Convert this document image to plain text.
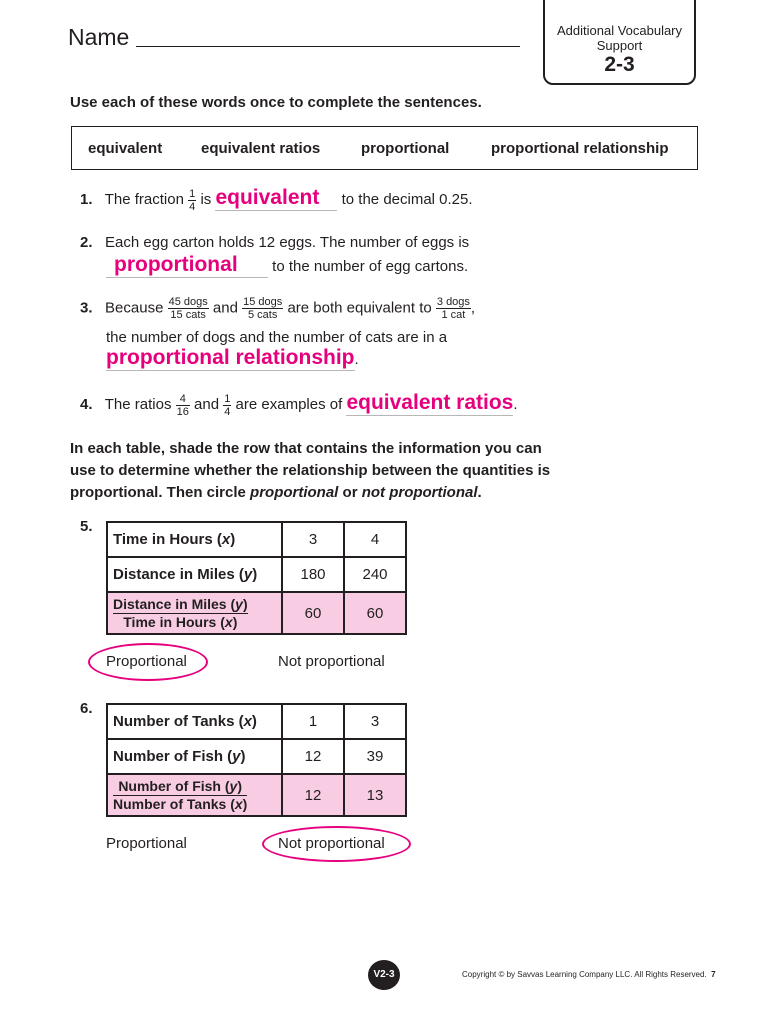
Name	Additional Vocabulary
Support
2-3
Use each of these words once to complete the sentences.
equivalent	equivalent ratios	proportional	proportional relationship
1. The fraction $\frac{1}{4}$ is equivalent to the decimal 0.25.
2. Each egg carton holds 12 eggs. The number of eggs is
proportional to the number of egg cartons.
3. Because $\frac{\text{45 dogs}}{\text{15 cats}}$ and $\frac{\text{15 dogs}}{\text{5 cats}}$ are both equivalent to $\frac{\text{3 dogs}}{\text{1 cat}}$ ,
the number of dogs and the number of cats are in a
proportional relationship.
4. The ratios $\frac{4}{16}$ and $\frac{1}{4}$ are examples of equivalent ratios.
In each table, shade the row that contains the information you can
use to determine whether the relationship between the quantities is
proportional. Then circle proportional or not proportional.
5.
Time in Hours (x)	3	4
Distance in Miles (y)	180	240

Distance in Miles (y)
Time in Hours (x)	60	60
Proportional	Not proportional
6.
Number of Tanks (x)	1	3
Number of Fish (y)	12	39

Number of Fish (y)
Number of Tanks (x)	12	13
Proportional	Not proportional
V2-3	Copyright © by Savvas Learning Company LLC. All Rights Reserved. 7
